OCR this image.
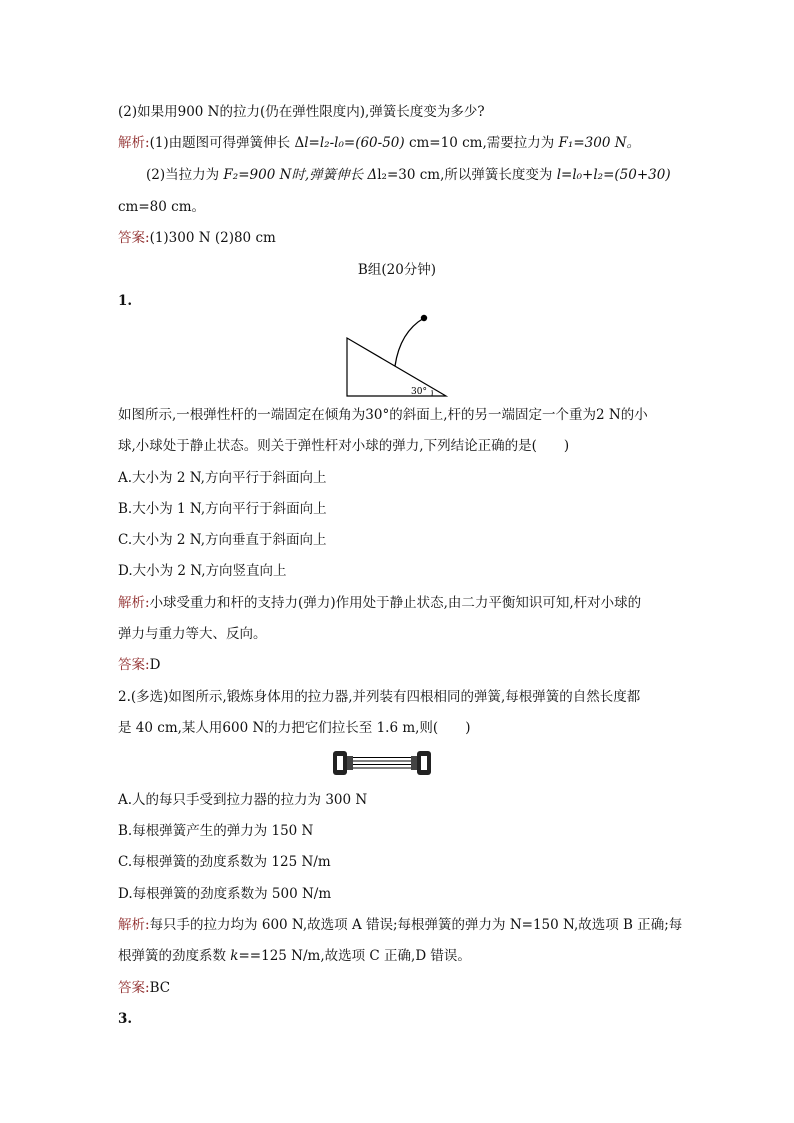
(2)如果用900 N的拉力(仍在弹性限度内),弹簧长度变为多少?
解析:(1)由题图可得弹簧伸长 Δl=l₂-l₀=(60-50) cm=10 cm,需要拉力为 F₁=300 N。
(2)当拉力为 F₂=900 N时,弹簧伸长 Δl₂=30 cm,所以弹簧长度变为 l=l₀+l₂=(50+30)
cm=80 cm。
答案:(1)300 N (2)80 cm
B组(20分钟)
1.
30°
如图所示,一根弹性杆的一端固定在倾角为30°的斜面上,杆的另一端固定一个重为2 N的小
球,小球处于静止状态。则关于弹性杆对小球的弹力,下列结论正确的是(　　)
A.大小为 2 N,方向平行于斜面向上
B.大小为 1 N,方向平行于斜面向上
C.大小为 2 N,方向垂直于斜面向上
D.大小为 2 N,方向竖直向上
解析:小球受重力和杆的支持力(弹力)作用处于静止状态,由二力平衡知识可知,杆对小球的
弹力与重力等大、反向。
答案:D
2.(多选)如图所示,锻炼身体用的拉力器,并列装有四根相同的弹簧,每根弹簧的自然长度都
是 40 cm,某人用600 N的力把它们拉长至 1.6 m,则(　　)
A.人的每只手受到拉力器的拉力为 300 N
B.每根弹簧产生的弹力为 150 N
C.每根弹簧的劲度系数为 125 N/m
D.每根弹簧的劲度系数为 500 N/m
解析:每只手的拉力均为 600 N,故选项 A 错误;每根弹簧的弹力为 N=150 N,故选项 B 正确;每
根弹簧的劲度系数 k==125 N/m,故选项 C 正确,D 错误。
答案:BC
3.
